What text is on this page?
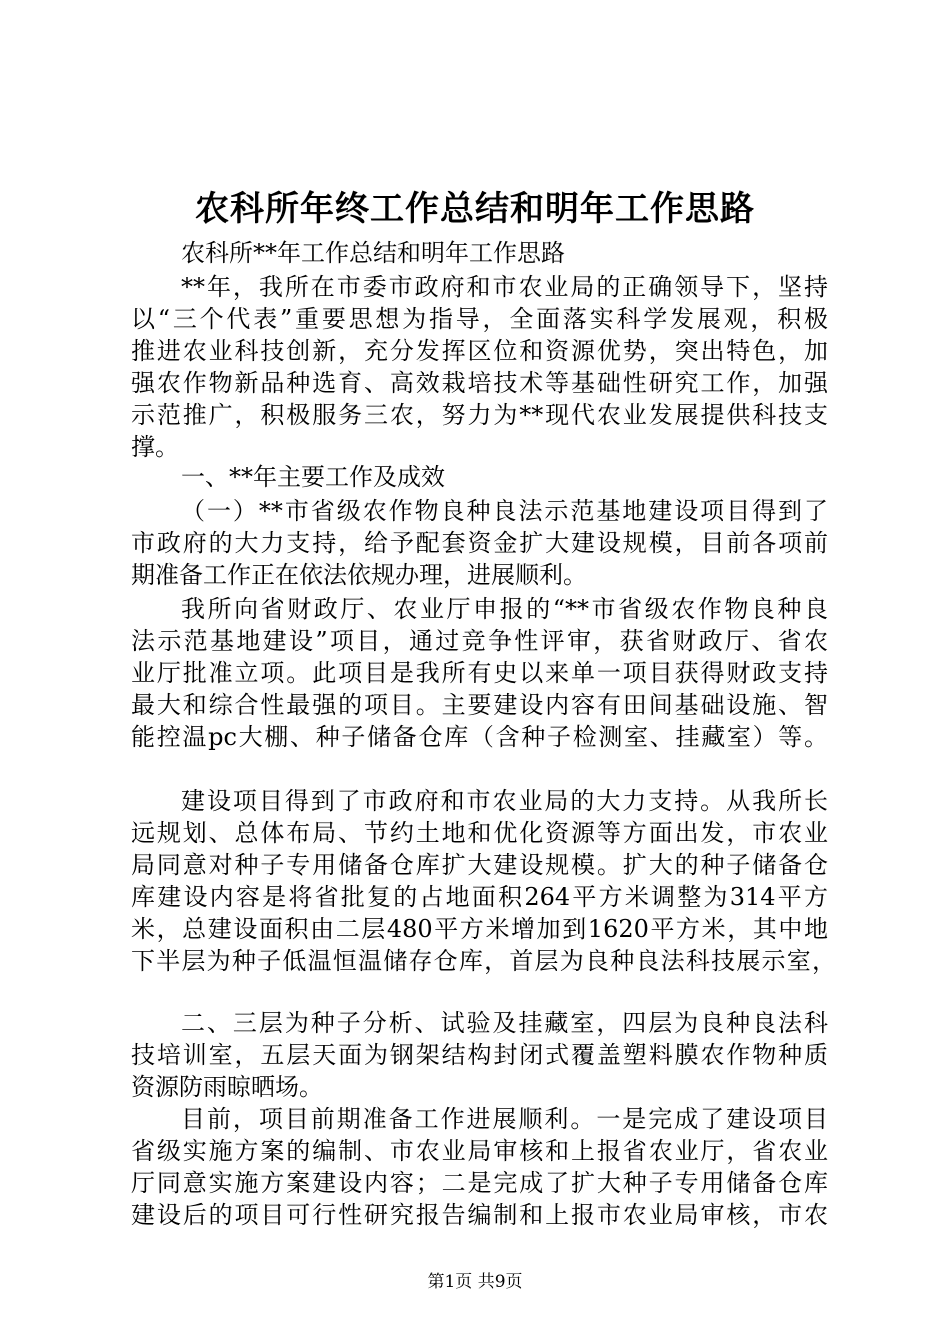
农科所年终工作总结和明年工作思路
农科所**年工作总结和明年工作思路
**年，我所在市委市政府和市农业局的正确领导下，坚持
以“三个代表”重要思想为指导，全面落实科学发展观，积极
推进农业科技创新，充分发挥区位和资源优势，突出特色，加
强农作物新品种选育、高效栽培技术等基础性研究工作，加强
示范推广，积极服务三农，努力为**现代农业发展提供科技支
撑。
一、**年主要工作及成效
（一）**市省级农作物良种良法示范基地建设项目得到了
市政府的大力支持，给予配套资金扩大建设规模，目前各项前
期准备工作正在依法依规办理，进展顺利。
我所向省财政厅、农业厅申报的“**市省级农作物良种良
法示范基地建设”项目，通过竞争性评审，获省财政厅、省农
业厅批准立项。此项目是我所有史以来单一项目获得财政支持
最大和综合性最强的项目。主要建设内容有田间基础设施、智
能控温pc大棚、种子储备仓库（含种子检测室、挂藏室）等。
建设项目得到了市政府和市农业局的大力支持。从我所长
远规划、总体布局、节约土地和优化资源等方面出发，市农业
局同意对种子专用储备仓库扩大建设规模。扩大的种子储备仓
库建设内容是将省批复的占地面积264平方米调整为314平方
米，总建设面积由二层480平方米增加到1620平方米，其中地
下半层为种子低温恒温储存仓库，首层为良种良法科技展示室，
二、三层为种子分析、试验及挂藏室，四层为良种良法科
技培训室，五层天面为钢架结构封闭式覆盖塑料膜农作物种质
资源防雨晾晒场。
目前，项目前期准备工作进展顺利。一是完成了建设项目
省级实施方案的编制、市农业局审核和上报省农业厅，省农业
厅同意实施方案建设内容；二是完成了扩大种子专用储备仓库
建设后的项目可行性研究报告编制和上报市农业局审核，市农
第1页 共9页
